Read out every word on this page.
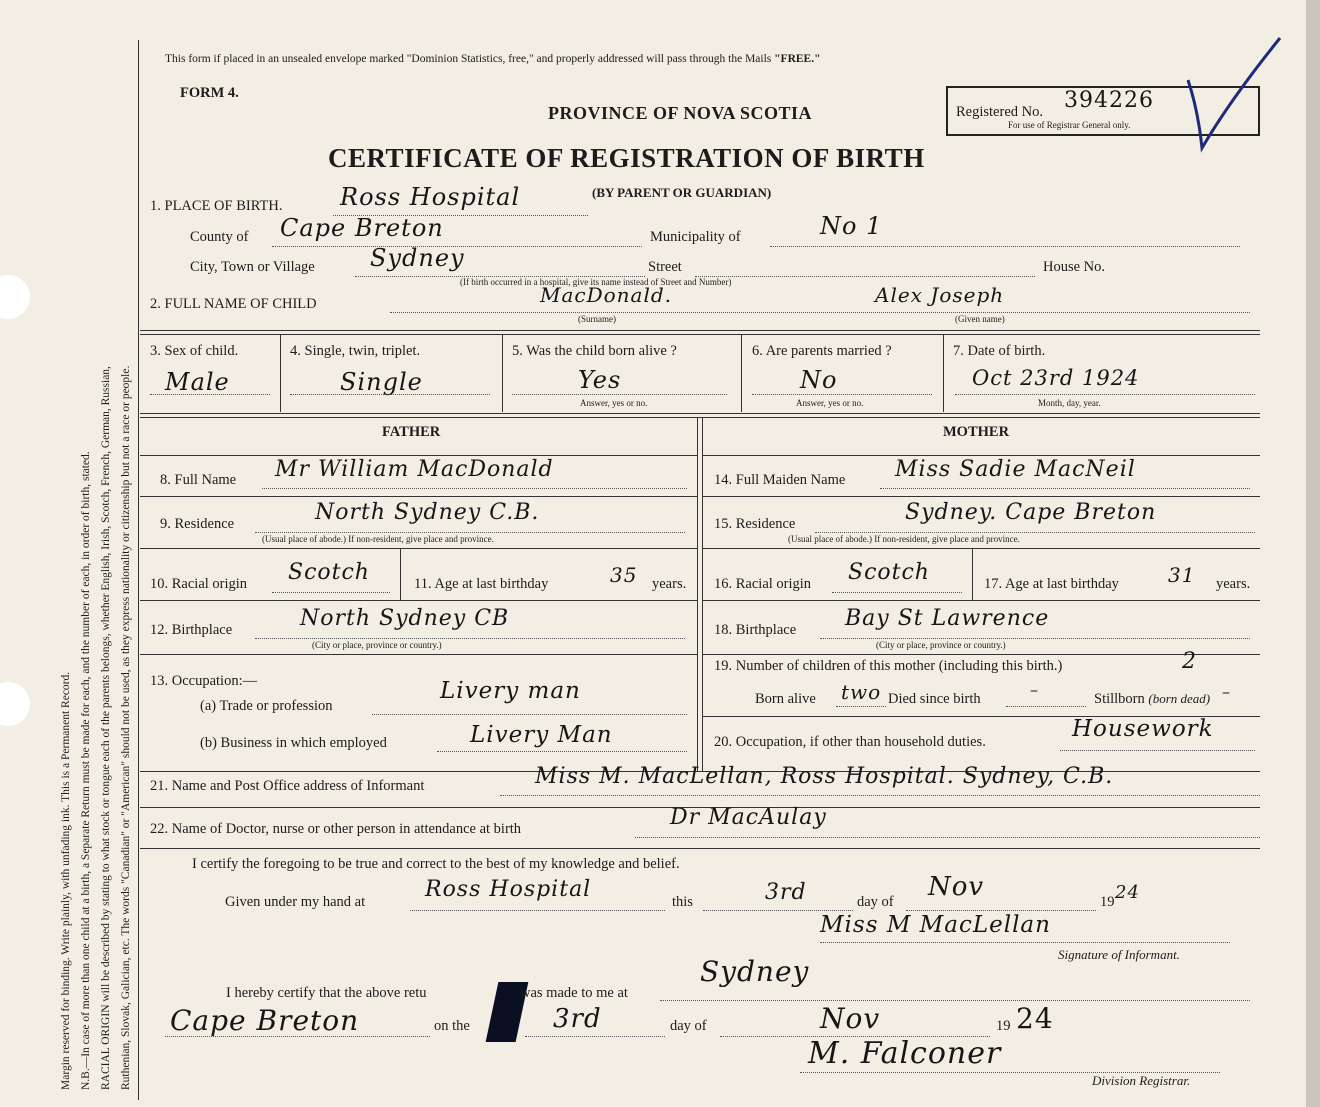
Margin reserved for binding. Write plainly, with unfading ink. This is a Permanent Record. N.B.—In case of more than one child at a birth, a Separate Return must be made for each, and the number of each, in order of birth, stated. RACIAL ORIGIN will be described by stating to what stock or tongue each of the parents belongs, whether English, Irish, Scotch, French, German, Russian, Ruthenian, Slovak, Galician, etc. The words "Canadian" or "American" should not be used, as they express nationality or citizenship but not a race or people.
This form if placed in an unsealed envelope marked "Dominion Statistics, free," and properly addressed will pass through the Mails "FREE."
FORM 4.
PROVINCE OF NOVA SCOTIA
CERTIFICATE OF REGISTRATION OF BIRTH
Registered No. 394226
For use of Registrar General only.
1. PLACE OF BIRTH. Ross Hospital	(BY PARENT OR GUARDIAN)
County of Cape Breton	Municipality of	No 1
City, Town or Village Sydney	Street	House No.
(If birth occurred in a hospital, give its name instead of Street and Number)
2. FULL NAME OF CHILD	MacDonald.	Alex Joseph
(Surname)	(Given name)
3. Sex of child.
Male
4. Single, twin, triplet.
Single
5. Was the child born alive ?
Yes
Answer, yes or no.
6. Are parents married ?
No
Answer, yes or no.
7. Date of birth.
Oct 23rd 1924
Month, day, year.
FATHER	MOTHER
8. Full Name Mr William MacDonald	14. Full Maiden Name Miss Sadie MacNeil
9. Residence	North Sydney C.B.
(Usual place of abode.) If non-resident, give place and province.
15. Residence	Sydney. Cape Breton
(Usual place of abode.) If non-resident, give place and province.
10. Racial origin Scotch	11. Age at last birthday	35 years. 16. Racial origin Scotch	17. Age at last birthday 31 years.
12. Birthplace	North Sydney CB
(City or place, province or country.)
18. Birthplace Bay St Lawrence
(City or place, province or country.)
13. Occupation:—
(a) Trade or profession
Livery man
(b) Business in which employed	Livery Man
19. Number of children of this mother (including this birth.)	2
Born alive two Died since birth	–	Stillborn (born dead) –
20. Occupation, if other than household duties.	Housework
21. Name and Post Office address of Informant	Miss M. MacLellan, Ross Hospital. Sydney, C.B.
22. Name of Doctor, nurse or other person in attendance at birth	Dr MacAulay
I certify the foregoing to be true and correct to the best of my knowledge and belief.
Given under my hand at	Ross Hospital	this	3rd	day of Nov	19 24
Miss M MacLellan
Signature of Informant.
I hereby certify that the above retu	was made to me at
Sydney
Cape Breton	on the	3rd	day of	Nov	19 24
M. Falconer
Division Registrar.
